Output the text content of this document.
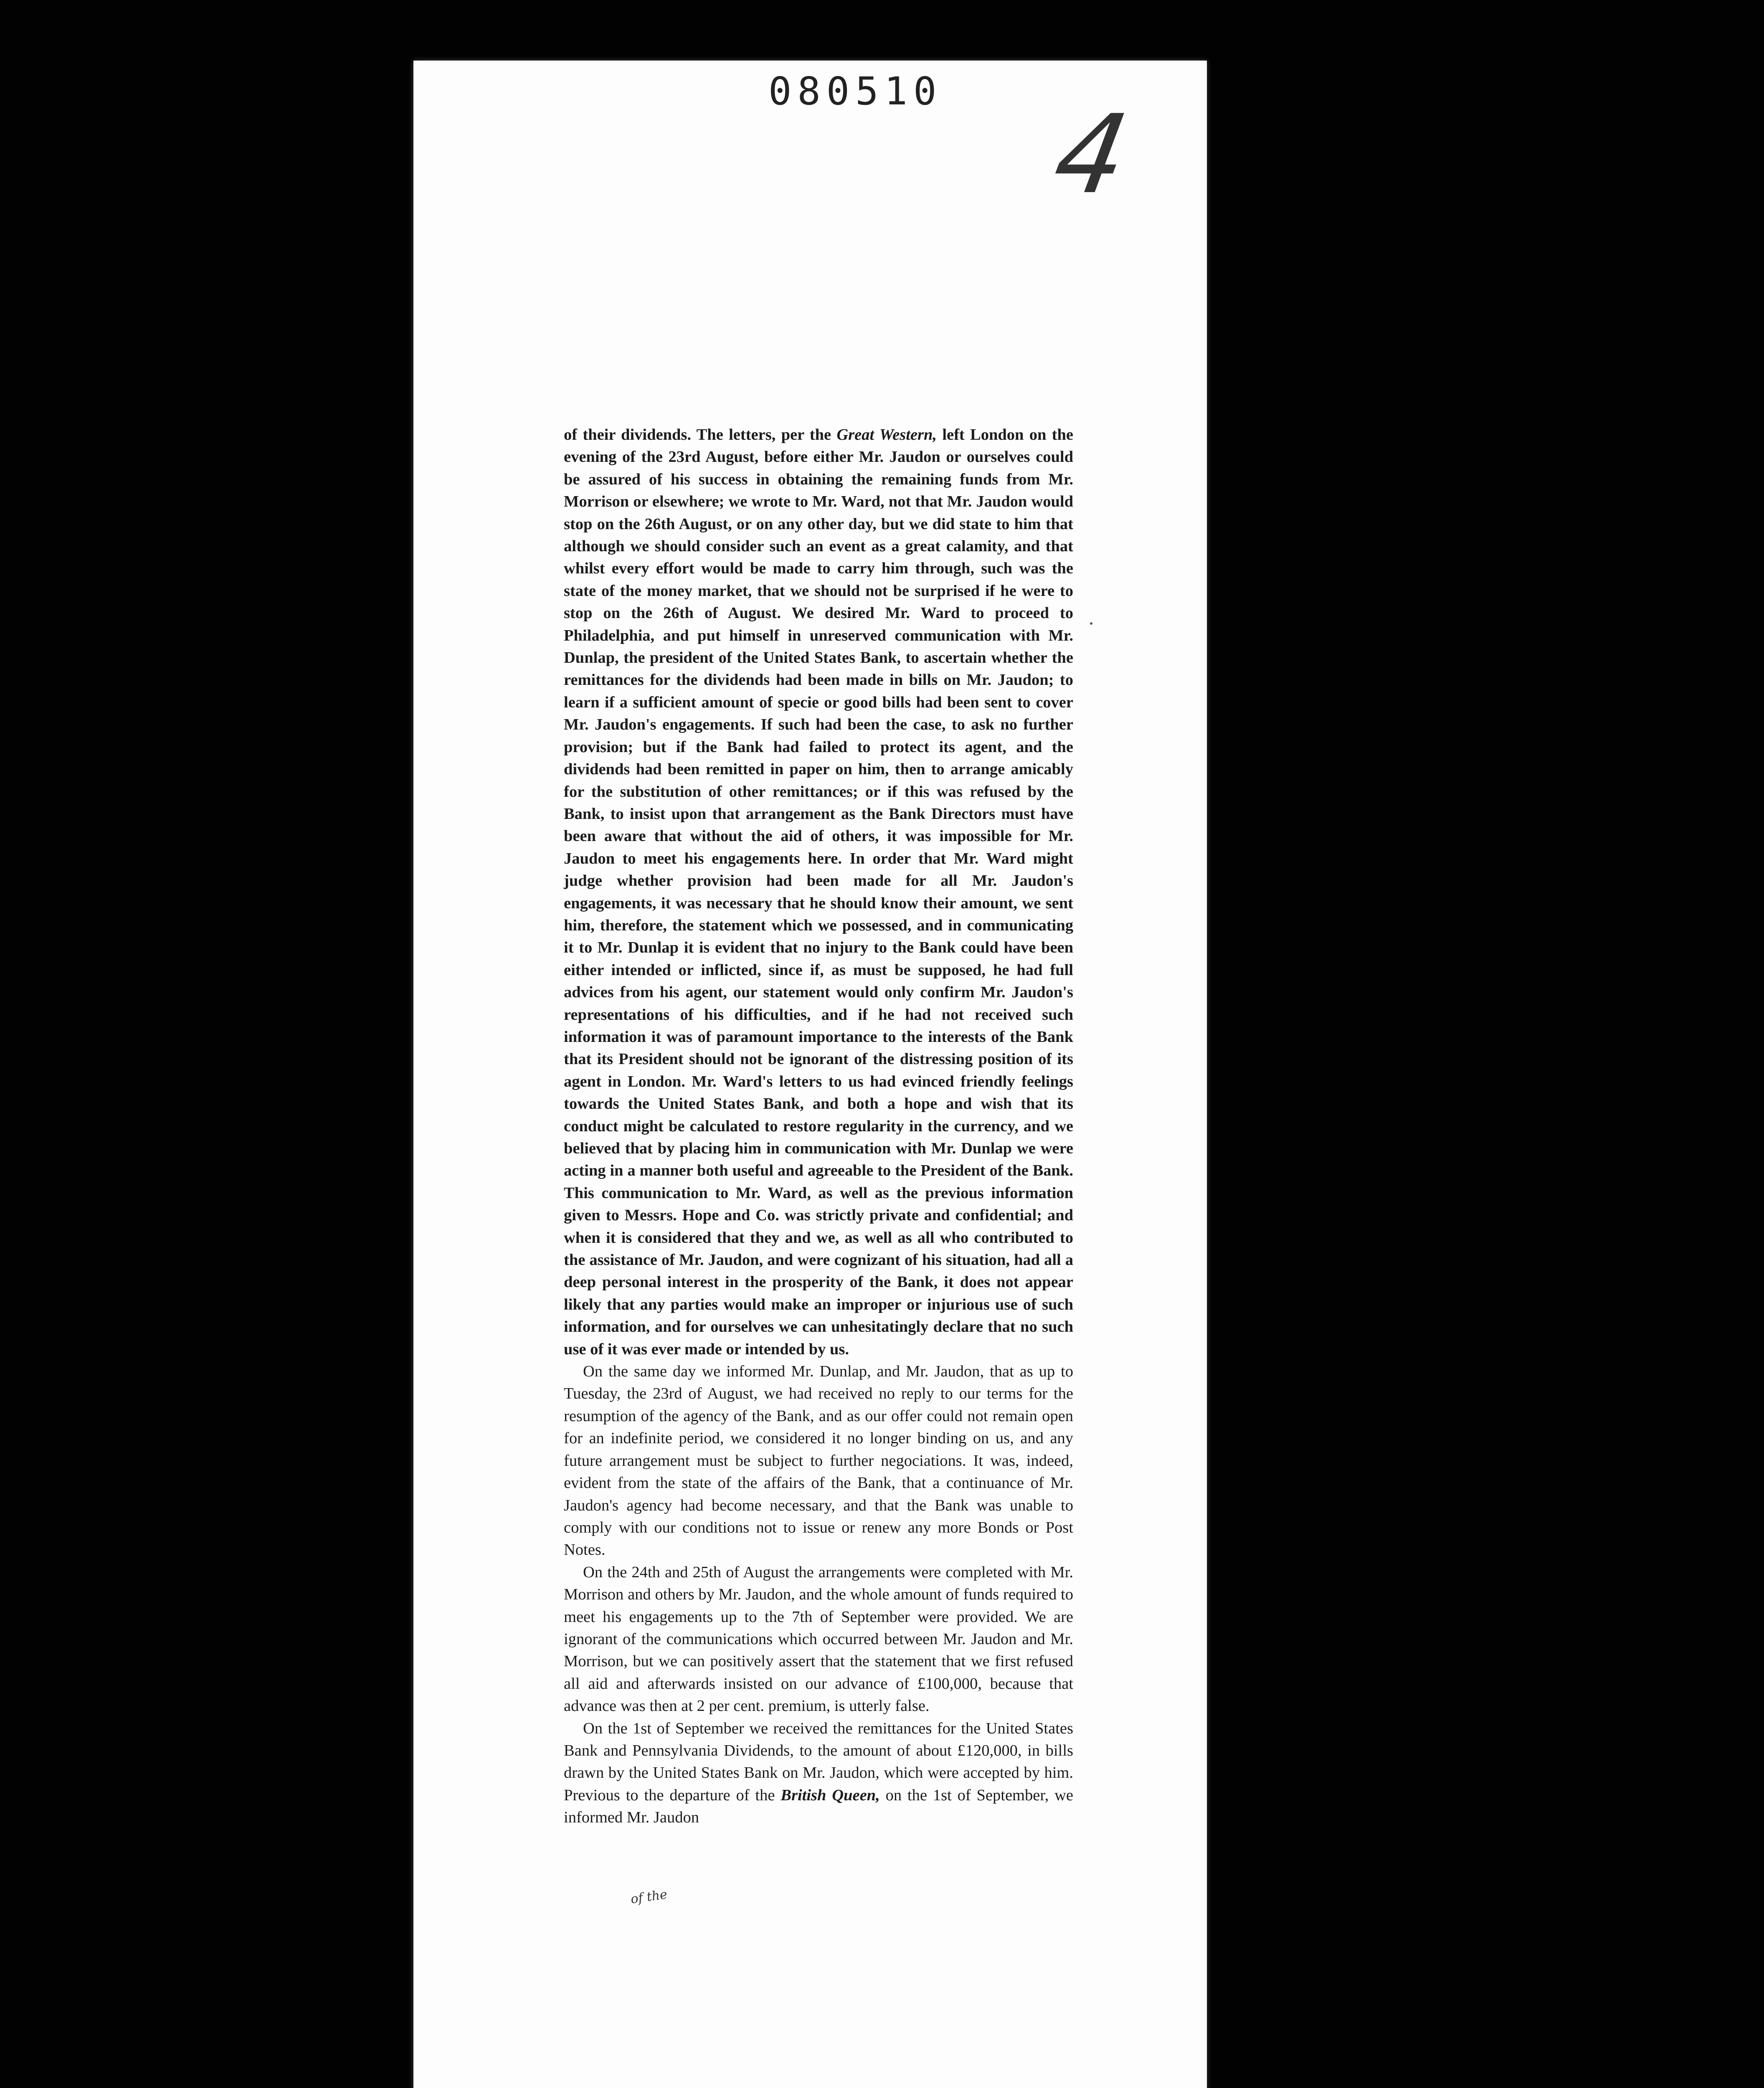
080510
4

of their dividends. The letters, per the Great Western, left London on the evening of the 23rd August, before either Mr. Jaudon or ourselves could be assured of his success in obtaining the remaining funds from Mr. Morrison or elsewhere; we wrote to Mr. Ward, not that Mr. Jaudon would stop on the 26th August, or on any other day, but we did state to him that although we should consider such an event as a great calamity, and that whilst every effort would be made to carry him through, such was the state of the money market, that we should not be surprised if he were to stop on the 26th of August. We desired Mr. Ward to proceed to Philadelphia, and put himself in unreserved communication with Mr. Dunlap, the president of the United States Bank, to ascertain whether the remittances for the dividends had been made in bills on Mr. Jaudon; to learn if a sufficient amount of specie or good bills had been sent to cover Mr. Jaudon's engagements. If such had been the case, to ask no further provision; but if the Bank had failed to protect its agent, and the dividends had been remitted in paper on him, then to arrange amicably for the substitution of other remittances; or if this was refused by the Bank, to insist upon that arrangement as the Bank Directors must have been aware that without the aid of others, it was impossible for Mr. Jaudon to meet his engagements here. In order that Mr. Ward might judge whether provision had been made for all Mr. Jaudon's engagements, it was necessary that he should know their amount, we sent him, therefore, the statement which we possessed, and in communicating it to Mr. Dunlap it is evident that no injury to the Bank could have been either intended or inflicted, since if, as must be supposed, he had full advices from his agent, our statement would only confirm Mr. Jaudon's representations of his difficulties, and if he had not received such information it was of paramount importance to the interests of the Bank that its President should not be ignorant of the distressing position of its agent in London. Mr. Ward's letters to us had evinced friendly feelings towards the United States Bank, and both a hope and wish that its conduct might be calculated to restore regularity in the currency, and we believed that by placing him in communication with Mr. Dunlap we were acting in a manner both useful and agreeable to the President of the Bank. This communication to Mr. Ward, as well as the previous information given to Messrs. Hope and Co. was strictly private and confidential; and when it is considered that they and we, as well as all who contributed to the assistance of Mr. Jaudon, and were cognizant of his situation, had all a deep personal interest in the prosperity of the Bank, it does not appear likely that any parties would make an improper or injurious use of such information, and for ourselves we can unhesitatingly declare that no such use of it was ever made or intended by us.

On the same day we informed Mr. Dunlap, and Mr. Jaudon, that as up to Tuesday, the 23rd of August, we had received no reply to our terms for the resumption of the agency of the Bank, and as our offer could not remain open for an indefinite period, we considered it no longer binding on us, and any future arrangement must be subject to further negociations. It was, indeed, evident from the state of the affairs of the Bank, that a continuance of Mr. Jaudon's agency had become necessary, and that the Bank was unable to comply with our conditions not to issue or renew any more Bonds or Post Notes.

On the 24th and 25th of August the arrangements were completed with Mr. Morrison and others by Mr. Jaudon, and the whole amount of funds required to meet his engagements up to the 7th of September were provided. We are ignorant of the communications which occurred between Mr. Jaudon and Mr. Morrison, but we can positively assert that the statement that we first refused all aid and afterwards insisted on our advance of £100,000, because that advance was then at 2 per cent. premium, is utterly false.

On the 1st of September we received the remittances for the United States Bank and Pennsylvania Dividends, to the amount of about £120,000, in bills drawn by the United States Bank on Mr. Jaudon, which were accepted by him. Previous to the departure of the British Queen, on the 1st of September, we informed Mr. Jaudon

of the
